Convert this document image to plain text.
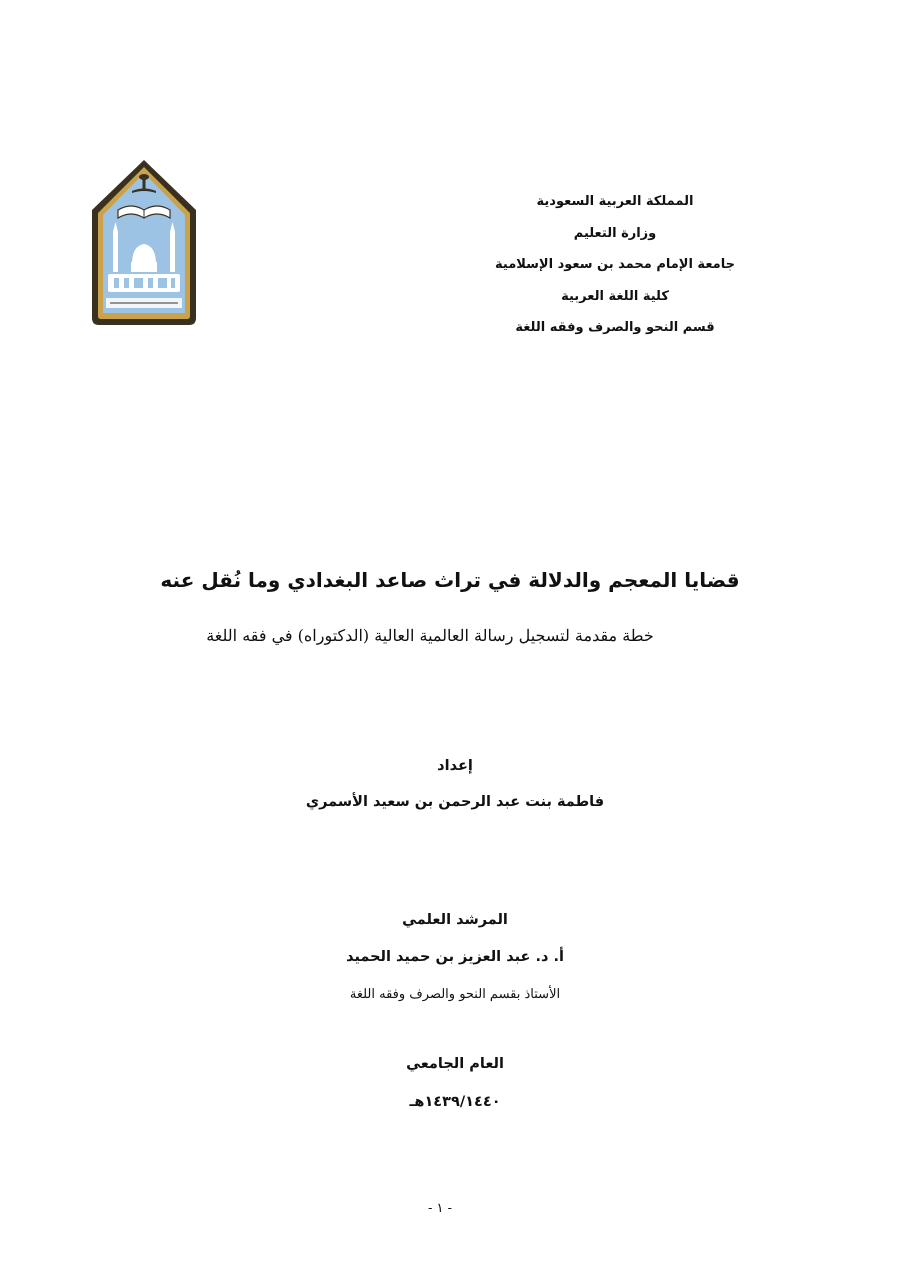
المملكة العربية السعودية
وزارة التعليم
جامعة الإمام محمد بن سعود الإسلامية
كلية اللغة العربية
قسم النحو والصرف وفقه اللغة
قضايا المعجم والدلالة في تراث صاعد البغدادي وما نُقل عنه
خطة مقدمة لتسجيل رسالة العالمية العالية (الدكتوراه) في فقه اللغة
إعداد
فاطمة بنت عبد الرحمن بن سعيد الأسمري
المرشد العلمي
أ. د. عبد العزيز بن حميد الحميد
الأستاذ بقسم النحو والصرف وفقه اللغة
العام الجامعي
١٤٣٩/١٤٤٠هـ
- ١ -
